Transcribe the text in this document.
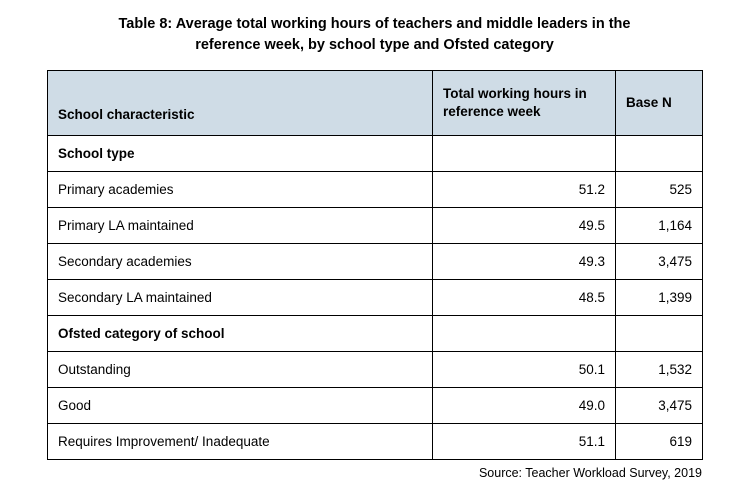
Table 8: Average total working hours of teachers and middle leaders in the reference week, by school type and Ofsted category
School characteristic	Total working hours in reference week	Base N

School type		

Primary academies	51.2	525

Primary LA maintained	49.5	1,164

Secondary academies	49.3	3,475

Secondary LA maintained	48.5	1,399

Ofsted category of school		

Outstanding	50.1	1,532

Good	49.0	3,475

Requires Improvement/ Inadequate	51.1	619
Source: Teacher Workload Survey, 2019
